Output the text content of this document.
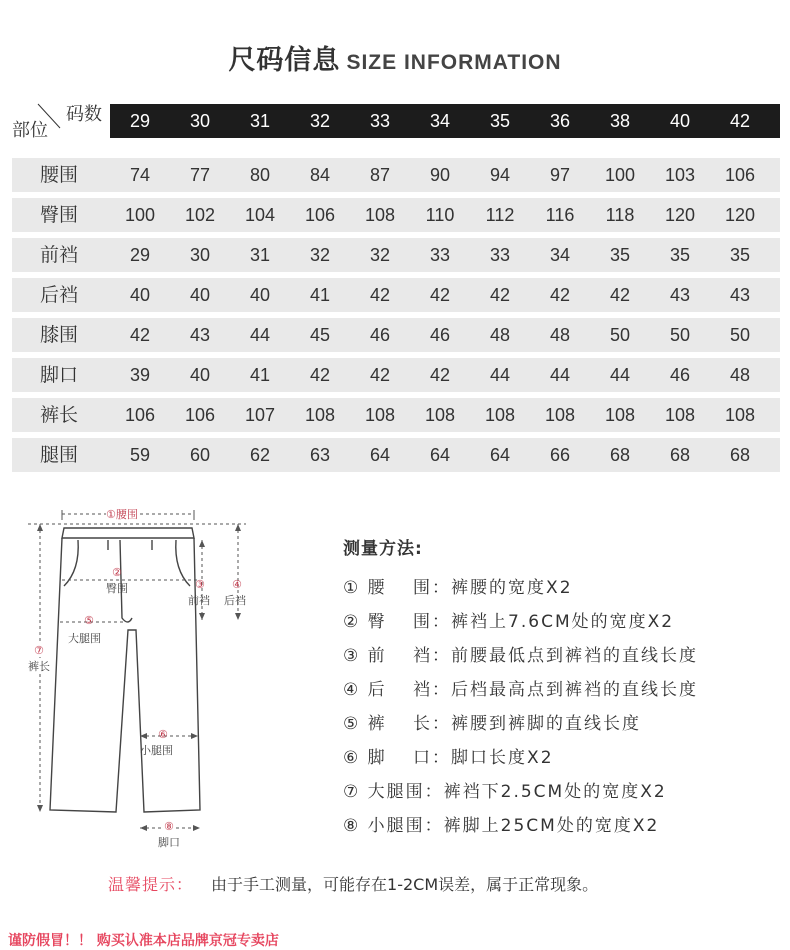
尺码信息 SIZE INFORMATION
码数
部位	29	30	31	32	33	34	35	36	38	40	42
腰围	74	77	80	84	87	90	94	97	100	103	106
臀围	100	102	104	106	108	110	112	116	118	120	120
前裆	29	30	31	32	32	33	33	34	35	35	35
后裆	40	40	40	41	42	42	42	42	42	43	43
膝围	42	43	44	45	46	46	48	48	50	50	50
脚口	39	40	41	42	42	42	44	44	44	46	48
裤长	106	106	107	108	108	108	108	108	108	108	108
腿围	59	60	62	63	64	64	64	66	68	68	68
①腰围
②
臀围	③
前裆
④
后裆
⑤
大腿围
⑥
小腿围
⑦
裤长
⑧
脚口
测量方法:
① 腰　 围：裤腰的宽度X2
② 臀　 围：裤裆上7.6CM处的宽度X2
③ 前　 裆：前腰最低点到裤裆的直线长度
④ 后　 裆：后档最高点到裤裆的直线长度
⑤ 裤　 长：裤腰到裤脚的直线长度
⑥ 脚　 口：脚口长度X2
⑦ 大腿围：裤裆下2.5CM处的宽度X2
⑧ 小腿围：裤脚上25CM处的宽度X2
温馨提示： 由于手工测量，可能存在1-2CM误差，属于正常现象。
谨防假冒！！ 购买认准本店品牌京冠专卖店
